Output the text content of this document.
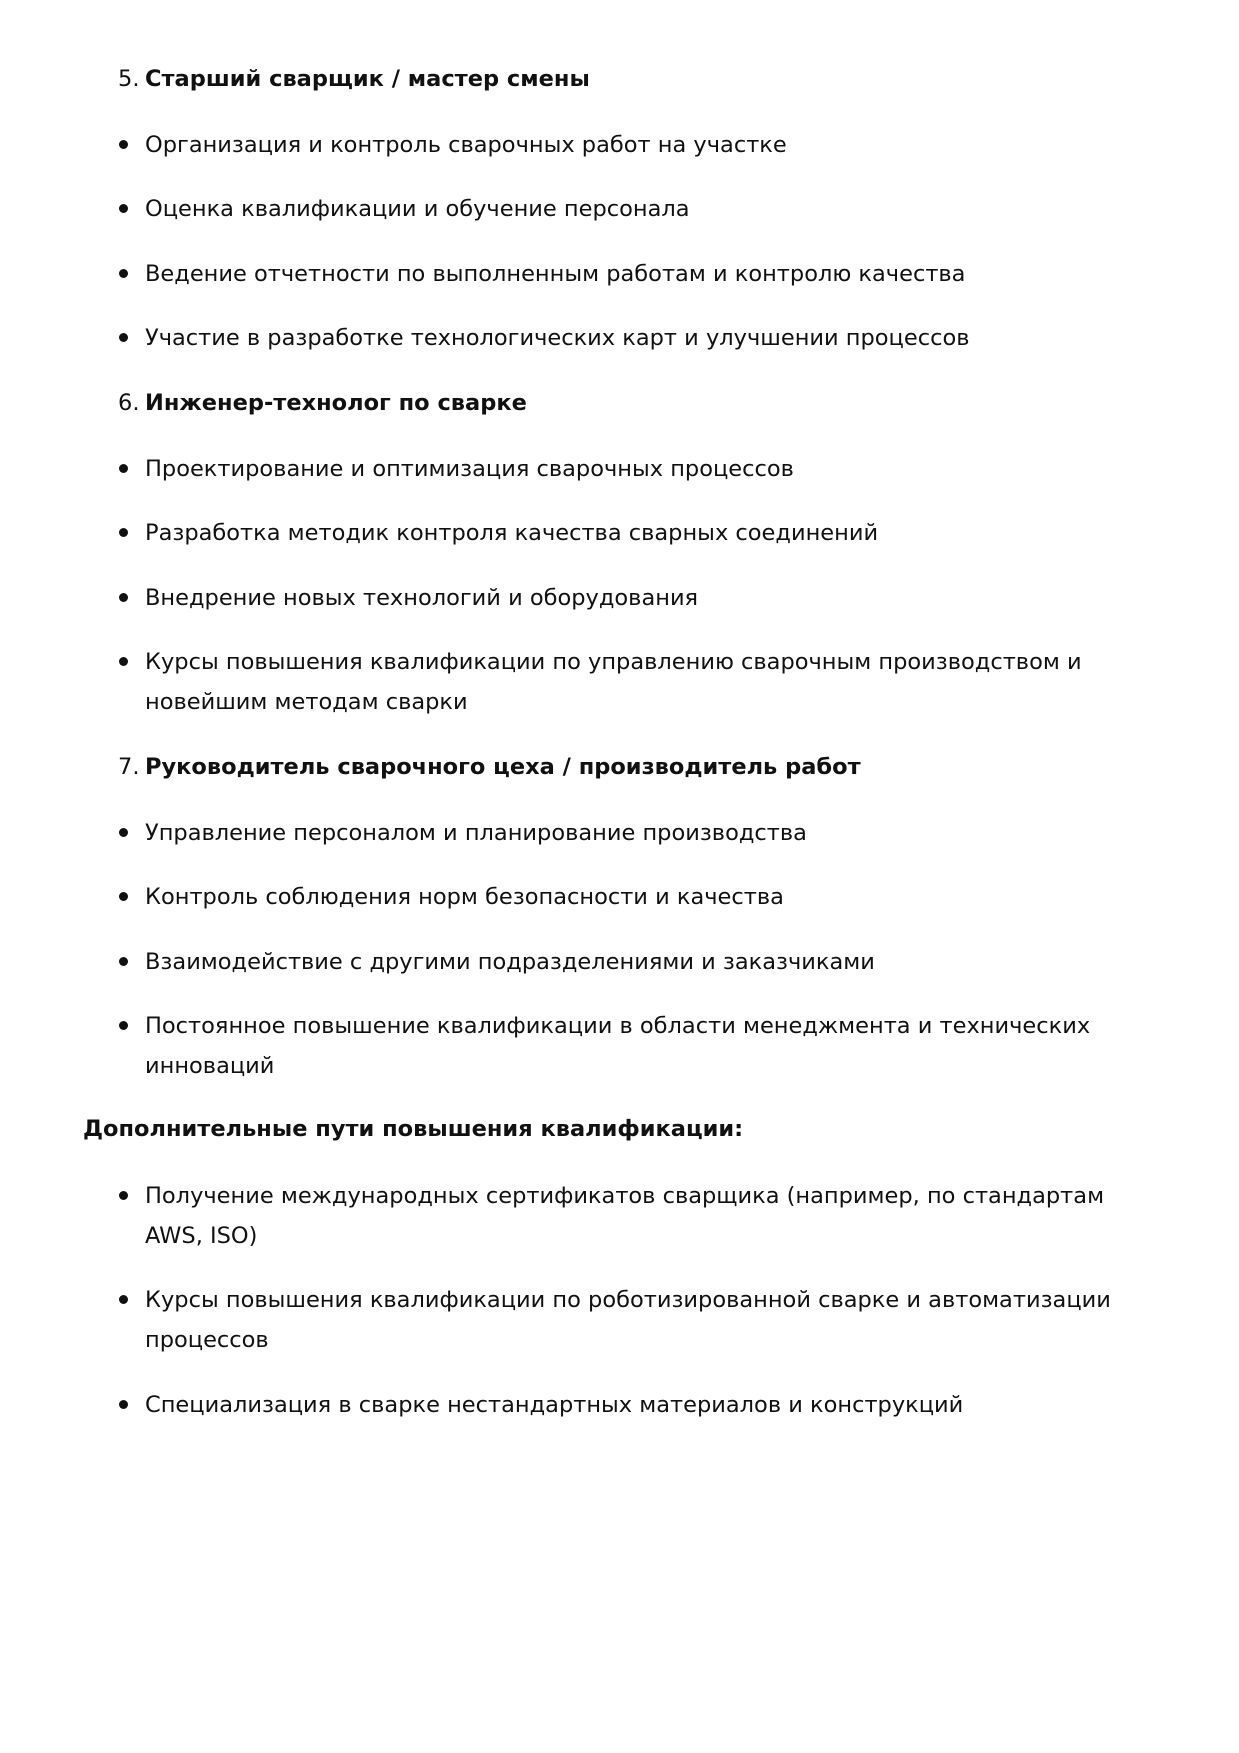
5. Старший сварщик / мастер смены
Организация и контроль сварочных работ на участке
Оценка квалификации и обучение персонала
Ведение отчетности по выполненным работам и контролю качества
Участие в разработке технологических карт и улучшении процессов
6. Инженер-технолог по сварке
Проектирование и оптимизация сварочных процессов
Разработка методик контроля качества сварных соединений
Внедрение новых технологий и оборудования
Курсы повышения квалификации по управлению сварочным производством и новейшим методам сварки
7. Руководитель сварочного цеха / производитель работ
Управление персоналом и планирование производства
Контроль соблюдения норм безопасности и качества
Взаимодействие с другими подразделениями и заказчиками
Постоянное повышение квалификации в области менеджмента и технических инноваций
Дополнительные пути повышения квалификации:
Получение международных сертификатов сварщика (например, по стандартам AWS, ISO)
Курсы повышения квалификации по роботизированной сварке и автоматизации процессов
Специализация в сварке нестандартных материалов и конструкций
